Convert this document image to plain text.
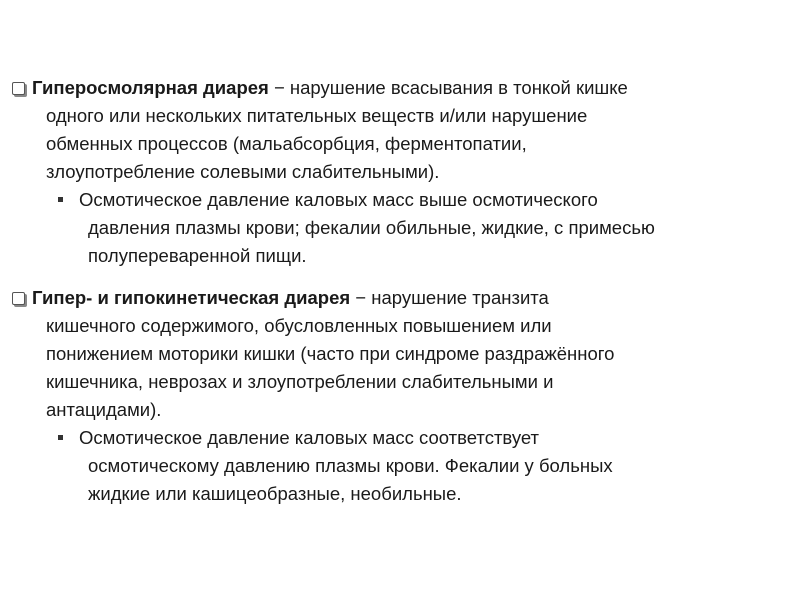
Гиперосмолярная диарея − нарушение всасывания в тонкой кишке
одного или нескольких питательных веществ и/или нарушение
обменных процессов (мальабсорбция, ферментопатии,
злоупотребление солевыми слабительными).
Осмотическое давление каловых масс выше осмотического
давления плазмы крови; фекалии обильные, жидкие, с примесью
полупереваренной пищи.
Гипер- и гипокинетическая диарея − нарушение транзита
кишечного содержимого, обусловленных повышением или
понижением моторики кишки (часто при синдроме раздражённого
кишечника, неврозах и злоупотреблении слабительными и
антацидами).
Осмотическое давление каловых масс соответствует
осмотическому давлению плазмы крови. Фекалии у больных
жидкие или кашицеобразные, необильные.
